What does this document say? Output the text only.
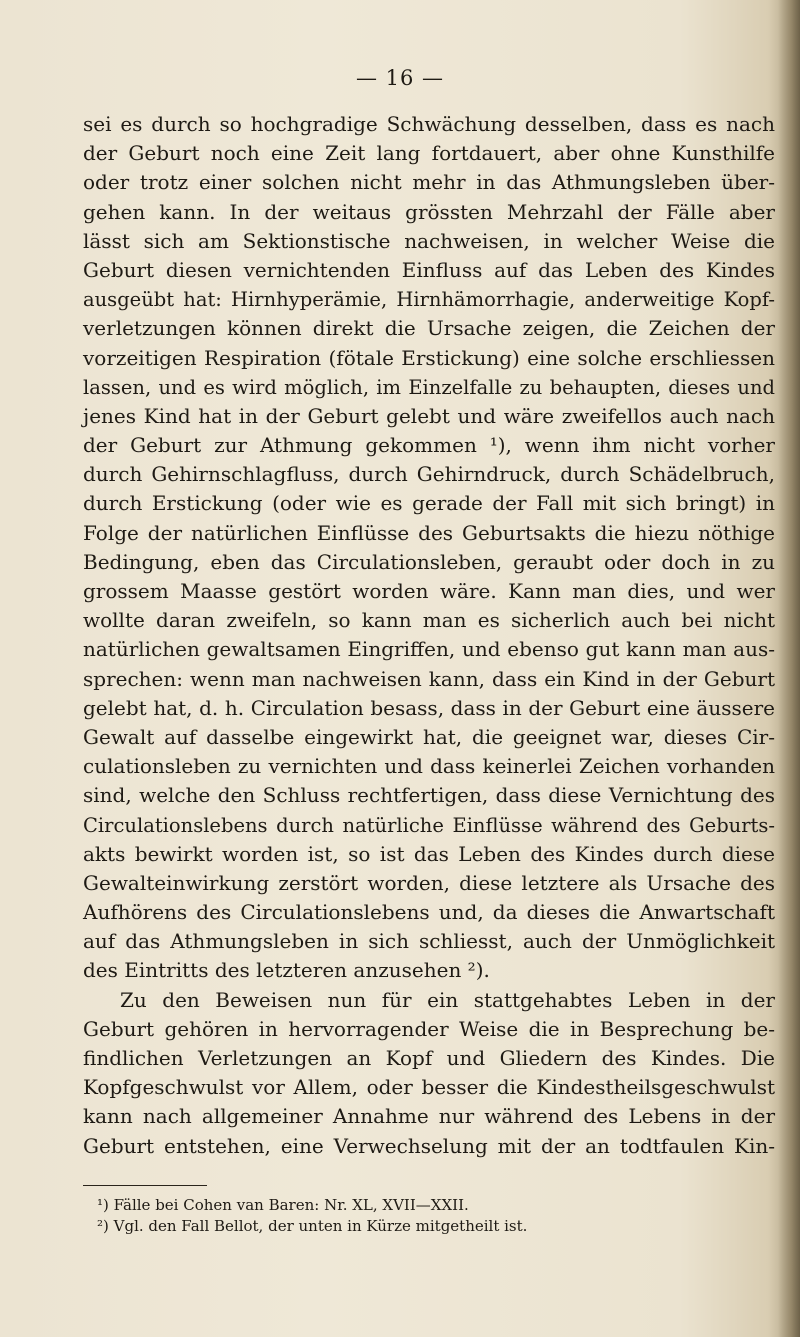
— 16 —
sei es durch so hochgradige Schwächung desselben, dass es nach
der Geburt noch eine Zeit lang fortdauert, aber ohne Kunsthilfe
oder trotz einer solchen nicht mehr in das Athmungsleben über-
gehen kann. In der weitaus grössten Mehrzahl der Fälle aber
lässt sich am Sektionstische nachweisen, in welcher Weise die
Geburt diesen vernichtenden Einfluss auf das Leben des Kindes
ausgeübt hat: Hirnhyperämie, Hirnhämorrhagie, anderweitige Kopf-
verletzungen können direkt die Ursache zeigen, die Zeichen der
vorzeitigen Respiration (fötale Erstickung) eine solche erschliessen
lassen, und es wird möglich, im Einzelfalle zu behaupten, dieses und
jenes Kind hat in der Geburt gelebt und wäre zweifellos auch nach
der Geburt zur Athmung gekommen ¹), wenn ihm nicht vorher
durch Gehirnschlagfluss, durch Gehirndruck, durch Schädelbruch,
durch Erstickung (oder wie es gerade der Fall mit sich bringt) in
Folge der natürlichen Einflüsse des Geburtsakts die hiezu nöthige
Bedingung, eben das Circulationsleben, geraubt oder doch in zu
grossem Maasse gestört worden wäre. Kann man dies, und wer
wollte daran zweifeln, so kann man es sicherlich auch bei nicht
natürlichen gewaltsamen Eingriffen, und ebenso gut kann man aus-
sprechen: wenn man nachweisen kann, dass ein Kind in der Geburt
gelebt hat, d. h. Circulation besass, dass in der Geburt eine äussere
Gewalt auf dasselbe eingewirkt hat, die geeignet war, dieses Cir-
culationsleben zu vernichten und dass keinerlei Zeichen vorhanden
sind, welche den Schluss rechtfertigen, dass diese Vernichtung des
Circulationslebens durch natürliche Einflüsse während des Geburts-
akts bewirkt worden ist, so ist das Leben des Kindes durch diese
Gewalteinwirkung zerstört worden, diese letztere als Ursache des
Aufhörens des Circulationslebens und, da dieses die Anwartschaft
auf das Athmungsleben in sich schliesst, auch der Unmöglichkeit
des Eintritts des letzteren anzusehen ²).
Zu den Beweisen nun für ein stattgehabtes Leben in der
Geburt gehören in hervorragender Weise die in Besprechung be-
findlichen Verletzungen an Kopf und Gliedern des Kindes. Die
Kopfgeschwulst vor Allem, oder besser die Kindestheilsgeschwulst
kann nach allgemeiner Annahme nur während des Lebens in der
Geburt entstehen, eine Verwechselung mit der an todtfaulen Kin-
¹) Fälle bei Cohen van Baren: Nr. XL, XVII—XXII.
²) Vgl. den Fall Bellot, der unten in Kürze mitgetheilt ist.
